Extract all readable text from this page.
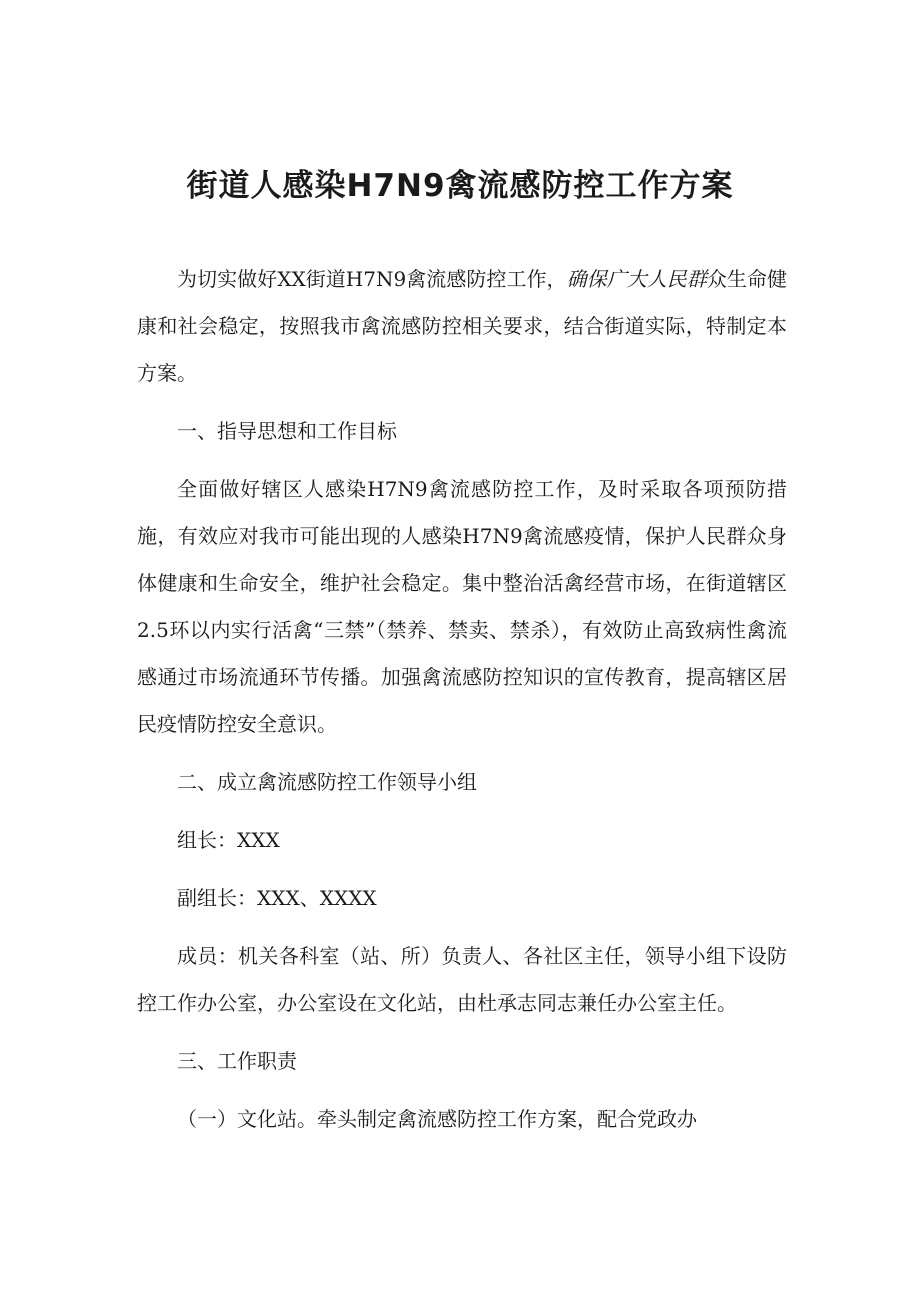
街道人感染H7N9禽流感防控工作方案

为切实做好XX街道H7N9禽流感防控工作，确保广大人民群众生命健康和社会稳定，按照我市禽流感防控相关要求，结合街道实际，特制定本方案。

一、指导思想和工作目标

全面做好辖区人感染H7N9禽流感防控工作，及时采取各项预防措施，有效应对我市可能出现的人感染H7N9禽流感疫情，保护人民群众身体健康和生命安全，维护社会稳定。集中整治活禽经营市场，在街道辖区2.5环以内实行活禽“三禁”（禁养、禁卖、禁杀），有效防止高致病性禽流感通过市场流通环节传播。加强禽流感防控知识的宣传教育，提高辖区居民疫情防控安全意识。

二、成立禽流感防控工作领导小组

组长：XXX

副组长：XXX、XXXX

成员：机关各科室（站、所）负责人、各社区主任，领导小组下设防控工作办公室，办公室设在文化站，由杜承志同志兼任办公室主任。

三、工作职责

（一）文化站。牵头制定禽流感防控工作方案，配合党政办
